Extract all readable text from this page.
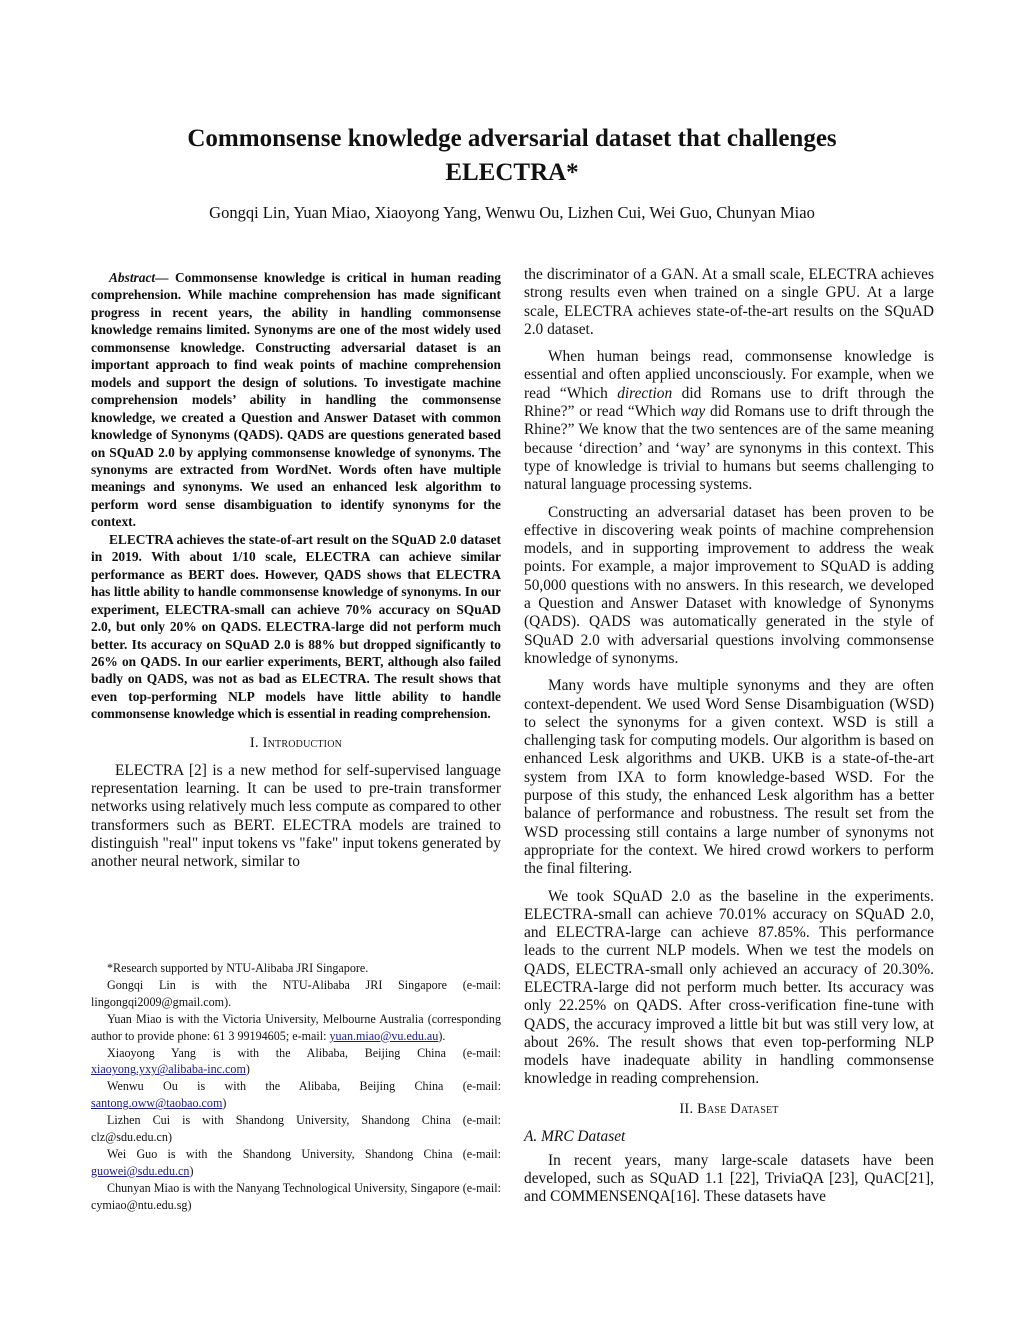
Commonsense knowledge adversarial dataset that challenges
ELECTRA*
Gongqi Lin, Yuan Miao, Xiaoyong Yang, Wenwu Ou, Lizhen Cui, Wei Guo, Chunyan Miao

Abstract— Commonsense knowledge is critical in human reading comprehension. While machine comprehension has made significant progress in recent years, the ability in handling commonsense knowledge remains limited. Synonyms are one of the most widely used commonsense knowledge. Constructing adversarial dataset is an important approach to find weak points of machine comprehension models and support the design of solutions. To investigate machine comprehension models’ ability in handling the commonsense knowledge, we created a Question and Answer Dataset with common knowledge of Synonyms (QADS). QADS are questions generated based on SQuAD 2.0 by applying commonsense knowledge of synonyms. The synonyms are extracted from WordNet. Words often have multiple meanings and synonyms. We used an enhanced lesk algorithm to perform word sense disambiguation to identify synonyms for the context.

ELECTRA achieves the state-of-art result on the SQuAD 2.0 dataset in 2019. With about 1/10 scale, ELECTRA can achieve similar performance as BERT does. However, QADS shows that ELECTRA has little ability to handle commonsense knowledge of synonyms. In our experiment, ELECTRA-small can achieve 70% accuracy on SQuAD 2.0, but only 20% on QADS. ELECTRA-large did not perform much better. Its accuracy on SQuAD 2.0 is 88% but dropped significantly to 26% on QADS. In our earlier experiments, BERT, although also failed badly on QADS, was not as bad as ELECTRA. The result shows that even top-performing NLP models have little ability to handle commonsense knowledge which is essential in reading comprehension.

I. Introduction

ELECTRA [2] is a new method for self-supervised language representation learning. It can be used to pre-train transformer networks using relatively much less compute as compared to other transformers such as BERT. ELECTRA models are trained to distinguish "real" input tokens vs "fake" input tokens generated by another neural network, similar to

*Research supported by NTU-Alibaba JRI Singapore.

Gongqi Lin is with the NTU-Alibaba JRI Singapore (e-mail: lingongqi2009@gmail.com).

Yuan Miao is with the Victoria University, Melbourne Australia (corresponding author to provide phone: 61 3 99194605; e-mail: yuan.miao@vu.edu.au).

Xiaoyong Yang is with the Alibaba, Beijing China (e-mail: xiaoyong.yxy@alibaba-inc.com)

Wenwu Ou is with the Alibaba, Beijing China (e-mail: santong.oww@taobao.com)

Lizhen Cui is with Shandong University, Shandong China (e-mail: clz@sdu.edu.cn)

Wei Guo is with the Shandong University, Shandong China (e-mail: guowei@sdu.edu.cn)

Chunyan Miao is with the Nanyang Technological University, Singapore (e-mail: cymiao@ntu.edu.sg)

the discriminator of a GAN. At a small scale, ELECTRA achieves strong results even when trained on a single GPU. At a large scale, ELECTRA achieves state-of-the-art results on the SQuAD 2.0 dataset.

When human beings read, commonsense knowledge is essential and often applied unconsciously. For example, when we read “Which direction did Romans use to drift through the Rhine?” or read “Which way did Romans use to drift through the Rhine?” We know that the two sentences are of the same meaning because ‘direction’ and ‘way’ are synonyms in this context. This type of knowledge is trivial to humans but seems challenging to natural language processing systems.

Constructing an adversarial dataset has been proven to be effective in discovering weak points of machine comprehension models, and in supporting improvement to address the weak points. For example, a major improvement to SQuAD is adding 50,000 questions with no answers. In this research, we developed a Question and Answer Dataset with knowledge of Synonyms (QADS). QADS was automatically generated in the style of SQuAD 2.0 with adversarial questions involving commonsense knowledge of synonyms.

Many words have multiple synonyms and they are often context-dependent. We used Word Sense Disambiguation (WSD) to select the synonyms for a given context. WSD is still a challenging task for computing models. Our algorithm is based on enhanced Lesk algorithms and UKB. UKB is a state-of-the-art system from IXA to form knowledge-based WSD. For the purpose of this study, the enhanced Lesk algorithm has a better balance of performance and robustness. The result set from the WSD processing still contains a large number of synonyms not appropriate for the context. We hired crowd workers to perform the final filtering.

We took SQuAD 2.0 as the baseline in the experiments. ELECTRA-small can achieve 70.01% accuracy on SQuAD 2.0, and ELECTRA-large can achieve 87.85%. This performance leads to the current NLP models. When we test the models on QADS, ELECTRA-small only achieved an accuracy of 20.30%. ELECTRA-large did not perform much better. Its accuracy was only 22.25% on QADS. After cross-verification fine-tune with QADS, the accuracy improved a little bit but was still very low, at about 26%. The result shows that even top-performing NLP models have inadequate ability in handling commonsense knowledge in reading comprehension.

II. Base Dataset
A. MRC Dataset

In recent years, many large-scale datasets have been developed, such as SQuAD 1.1 [22], TriviaQA [23], QuAC[21], and COMMENSENQA[16]. These datasets have
